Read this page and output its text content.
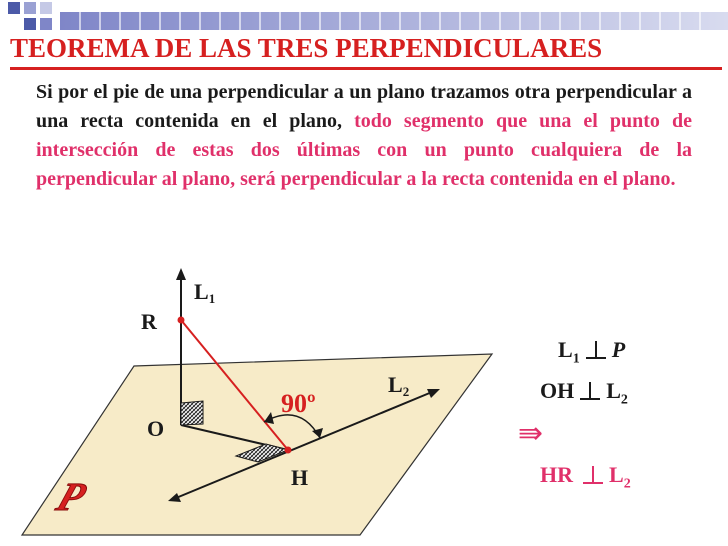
TEOREMA DE LAS TRES PERPENDICULARES
Si por el pie de una perpendicular a un plano trazamos otra perpendicular a una recta contenida en el plano, todo segmento que una el punto de intersección de estas dos últimas con un punto cualquiera de la perpendicular al plano, será perpendicular a la recta contenida en el plano.
R
O
H
L1
L2
90º
P
$L_1$ P
OH $L_2$
⇛
HR $L_2$
